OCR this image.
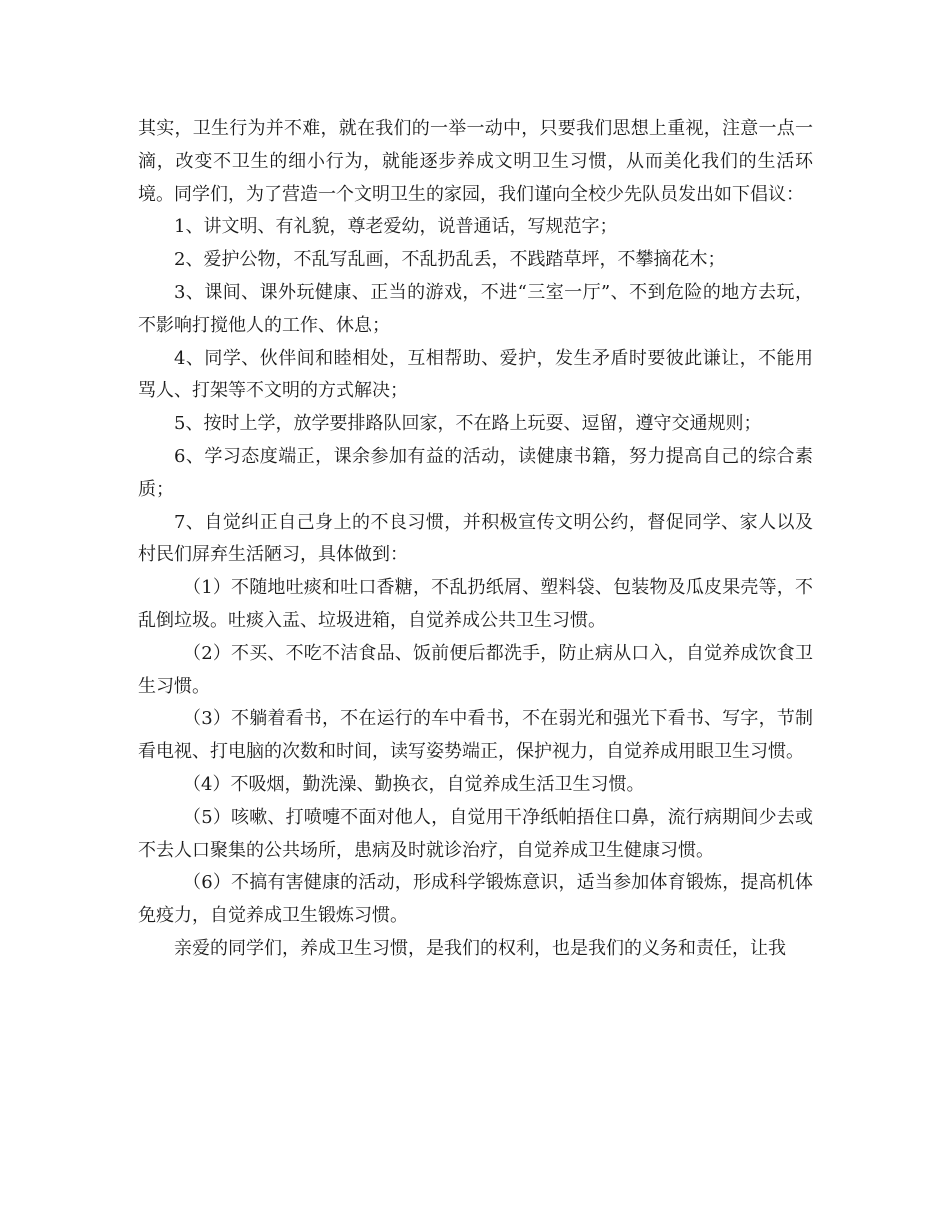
其实，卫生行为并不难，就在我们的一举一动中，只要我们思想上重视，注意一点一滴，改变不卫生的细小行为，就能逐步养成文明卫生习惯，从而美化我们的生活环境。同学们，为了营造一个文明卫生的家园，我们谨向全校少先队员发出如下倡议：

1、讲文明、有礼貌，尊老爱幼，说普通话，写规范字；

2、爱护公物，不乱写乱画，不乱扔乱丢，不践踏草坪，不攀摘花木；

3、课间、课外玩健康、正当的游戏，不进“三室一厅”、不到危险的地方去玩，不影响打搅他人的工作、休息；

4、同学、伙伴间和睦相处，互相帮助、爱护，发生矛盾时要彼此谦让，不能用骂人、打架等不文明的方式解决；

5、按时上学，放学要排路队回家，不在路上玩耍、逗留，遵守交通规则；

6、学习态度端正，课余参加有益的活动，读健康书籍，努力提高自己的综合素质；

7、自觉纠正自己身上的不良习惯，并积极宣传文明公约，督促同学、家人以及村民们屏弃生活陋习，具体做到：

（1）不随地吐痰和吐口香糖，不乱扔纸屑、塑料袋、包装物及瓜皮果壳等，不乱倒垃圾。吐痰入盂、垃圾进箱，自觉养成公共卫生习惯。

（2）不买、不吃不洁食品、饭前便后都洗手，防止病从口入，自觉养成饮食卫生习惯。

（3）不躺着看书，不在运行的车中看书，不在弱光和强光下看书、写字，节制看电视、打电脑的次数和时间，读写姿势端正，保护视力，自觉养成用眼卫生习惯。

（4）不吸烟，勤洗澡、勤换衣，自觉养成生活卫生习惯。

（5）咳嗽、打喷嚏不面对他人，自觉用干净纸帕捂住口鼻，流行病期间少去或不去人口聚集的公共场所，患病及时就诊治疗，自觉养成卫生健康习惯。

（6）不搞有害健康的活动，形成科学锻炼意识，适当参加体育锻炼，提高机体免疫力，自觉养成卫生锻炼习惯。

亲爱的同学们，养成卫生习惯，是我们的权利，也是我们的义务和责任，让我
